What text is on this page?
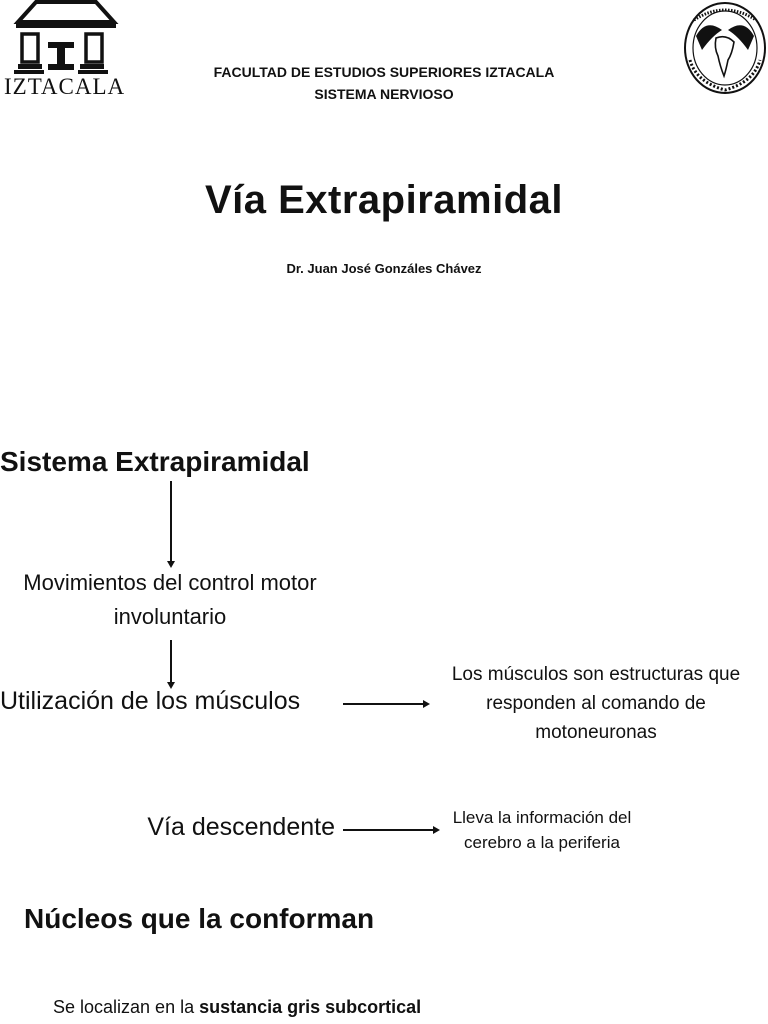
IZTACALA
FACULTAD DE ESTUDIOS SUPERIORES IZTACALA
SISTEMA NERVIOSO
Vía Extrapiramidal
Dr. Juan José Gonzáles Chávez
Sistema Extrapiramidal
Movimientos del control motor involuntario
Utilización de los músculos
Los músculos son estructuras que responden al comando de motoneuronas
Vía descendente	Lleva la información del cerebro a la periferia
Núcleos que la conforman
Se localizan en la sustancia gris subcortical
